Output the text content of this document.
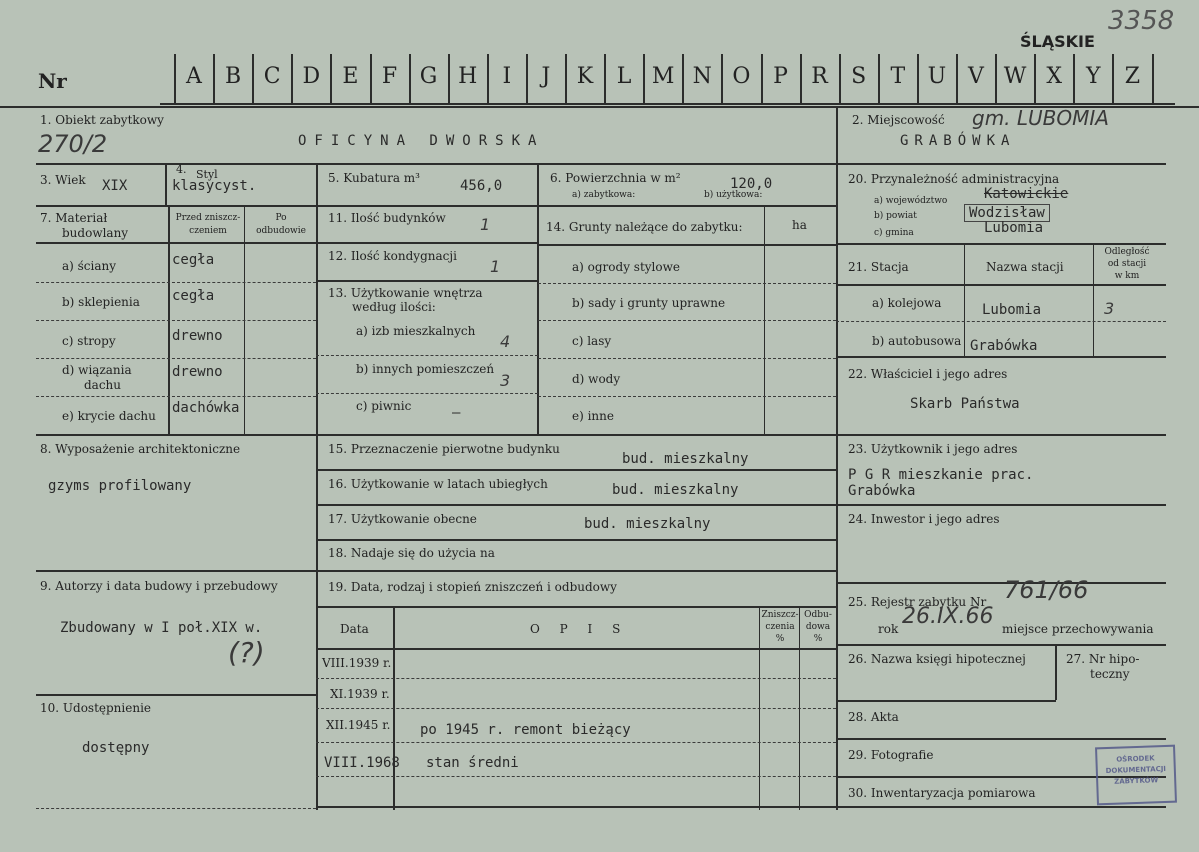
ŚLĄSKIE
3358
Nr	A	B	C D	E	F	G H	I	J	K	L M N O	P	R	S	T	U V W X	Y	Z
1. Obiekt zabytkowy
OFICYNA DWORSKA
270/2
3. Wiek XIX
4. Styl
klasycyst.
7. Materiał
budowlany
Przed zniszcz-
czeniem
Po
odbudowie
a) ściany	cegła
b) sklepienia cegła
c) stropy	drewno
d) wiązania
dachu
drewno
e) krycie dachu dachówka
8. Wyposażenie architektoniczne
gzyms profilowany
9. Autorzy i data budowy i przebudowy
Zbudowany w I poł.XIX w.
(?)
10. Udostępnienie
dostępny
5. Kubatura m³	456,0	6. Powierzchnia w m²
a) zabytkowa:	b) użytkowa:
120,0
11. Ilość budynków 1
12. Ilość kondygnacji
1
13. Użytkowanie wnętrza
według ilości:
a) izb mieszkalnych
4
b) innych pomieszczeń
3
c) piwnic	–
14. Grunty należące do zabytku:	ha
a) ogrody stylowe
b) sady i grunty uprawne
c) lasy
d) wody
e) inne
15. Przeznaczenie pierwotne budynku
bud. mieszkalny
16. Użytkowanie w latach ubiegłych	bud. mieszkalny
17. Użytkowanie obecne	bud. mieszkalny
18. Nadaje się do użycia na
19. Data, rodzaj i stopień zniszczeń i odbudowy
Data	O P I S
Zniszcz-
czenia
%
Odbu-
dowa
%
VIII.1939 r.
XI.1939 r.
XII.1945 r. po 1945 r. remont bieżący
VIII.1968 stan średni
2. Miejscowość gm. LUBOMIA
GRABÓWKA
20. Przynależność administracyjna
a) województwo	Katowickie
b) powiat	Wodzisław
c) gmina	Lubomia
21. Stacja	Nazwa stacji
Odległość
od stacji
w km
a) kolejowa	Lubomia	3
b) autobusowa Grabówka
22. Właściciel i jego adres
Skarb Państwa
23. Użytkownik i jego adres
P G R mieszkanie prac.
Grabówka
24. Inwestor i jego adres
25. Rejestr zabytku Nr 761/66
rok 26.IX.66 miejsce przechowywania
26. Nazwa księgi hipotecznej	27. Nr hipo-
teczny
28. Akta
29. Fotografie
30. Inwentaryzacja pomiarowa
OŚRODEK
DOKUMENTACJI
ZABYTKÓW
